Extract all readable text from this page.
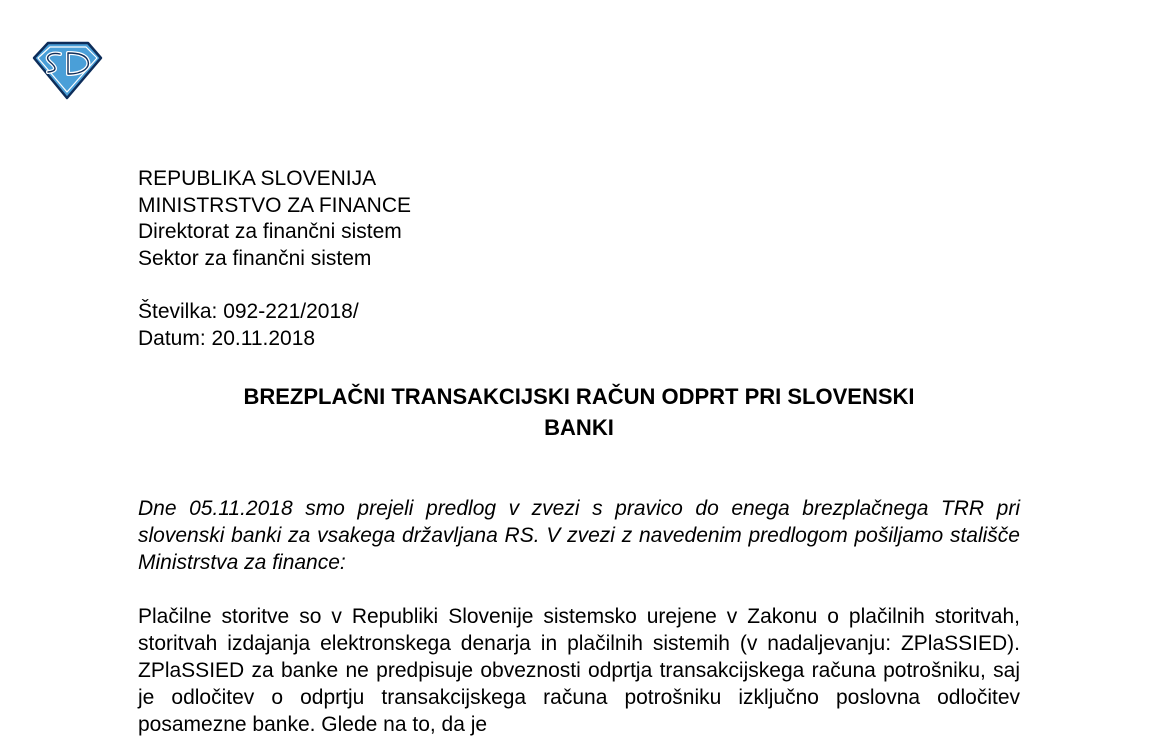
REPUBLIKA SLOVENIJA
MINISTRSTVO ZA FINANCE
Direktorat za finančni sistem
Sektor za finančni sistem
Številka: 092-221/2018/
Datum: 20.11.2018
BREZPLAČNI TRANSAKCIJSKI RAČUN ODPRT PRI SLOVENSKI
BANKI

Dne 05.11.2018 smo prejeli predlog v zvezi s pravico do enega brezplačnega TRR pri slovenski banki za vsakega državljana RS. V zvezi z navedenim predlogom pošiljamo stališče Ministrstva za finance:

Plačilne storitve so v Republiki Slovenije sistemsko urejene v Zakonu o plačilnih storitvah, storitvah izdajanja elektronskega denarja in plačilnih sistemih (v nadaljevanju: ZPlaSSIED). ZPlaSSIED za banke ne predpisuje obveznosti odprtja transakcijskega računa potrošniku, saj je odločitev o odprtju transakcijskega računa potrošniku izključno poslovna odločitev posamezne banke. Glede na to, da je
